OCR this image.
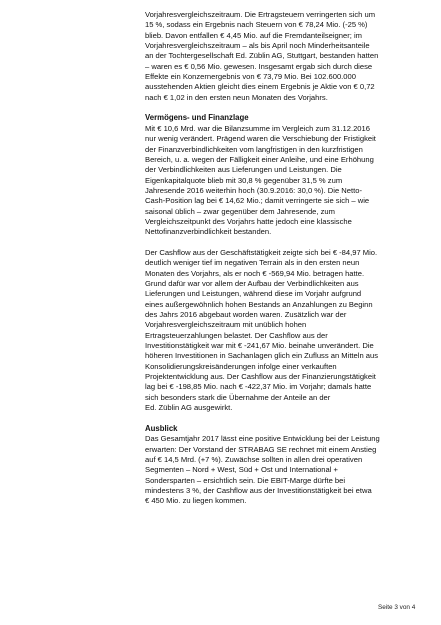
Vorjahresvergleichszeitraum. Die Ertragsteuern verringerten sich um
15 %, sodass ein Ergebnis nach Steuern von € 78,24 Mio. (-25 %)
blieb. Davon entfallen € 4,45 Mio. auf die Fremdanteilseigner; im
Vorjahresvergleichszeitraum – als bis April noch Minderheitsanteile
an der Tochtergesellschaft Ed. Züblin AG, Stuttgart, bestanden hatten
– waren es € 0,56 Mio. gewesen. Insgesamt ergab sich durch diese
Effekte ein Konzernergebnis von € 73,79 Mio. Bei 102.600.000
ausstehenden Aktien gleicht dies einem Ergebnis je Aktie von € 0,72
nach € 1,02 in den ersten neun Monaten des Vorjahrs.

Vermögens- und Finanzlage

Mit € 10,6 Mrd. war die Bilanzsumme im Vergleich zum 31.12.2016
nur wenig verändert. Prägend waren die Verschiebung der Fristigkeit
der Finanzverbindlichkeiten vom langfristigen in den kurzfristigen
Bereich, u. a. wegen der Fälligkeit einer Anleihe, und eine Erhöhung
der Verbindlichkeiten aus Lieferungen und Leistungen. Die
Eigenkapitalquote blieb mit 30,8 % gegenüber 31,5 % zum
Jahresende 2016 weiterhin hoch (30.9.2016: 30,0 %). Die Netto-
Cash-Position lag bei € 14,62 Mio.; damit verringerte sie sich – wie
saisonal üblich – zwar gegenüber dem Jahresende, zum
Vergleichszeitpunkt des Vorjahrs hatte jedoch eine klassische
Nettofinanzverbindlichkeit bestanden.

Der Cashflow aus der Geschäftstätigkeit zeigte sich bei € -84,97 Mio.
deutlich weniger tief im negativen Terrain als in den ersten neun
Monaten des Vorjahrs, als er noch € -569,94 Mio. betragen hatte.
Grund dafür war vor allem der Aufbau der Verbindlichkeiten aus
Lieferungen und Leistungen, während diese im Vorjahr aufgrund
eines außergewöhnlich hohen Bestands an Anzahlungen zu Beginn
des Jahrs 2016 abgebaut worden waren. Zusätzlich war der
Vorjahresvergleichszeitraum mit unüblich hohen
Ertragsteuerzahlungen belastet. Der Cashflow aus der
Investitionstätigkeit war mit € -241,67 Mio. beinahe unverändert. Die
höheren Investitionen in Sachanlagen glich ein Zufluss an Mitteln aus
Konsolidierungskreisänderungen infolge einer verkauften
Projektentwicklung aus. Der Cashflow aus der Finanzierungstätigkeit
lag bei € -198,85 Mio. nach € -422,37 Mio. im Vorjahr; damals hatte
sich besonders stark die Übernahme der Anteile an der
Ed. Züblin AG ausgewirkt.

Ausblick

Das Gesamtjahr 2017 lässt eine positive Entwicklung bei der Leistung
erwarten: Der Vorstand der STRABAG SE rechnet mit einem Anstieg
auf € 14,5 Mrd. (+7 %). Zuwächse sollten in allen drei operativen
Segmenten – Nord + West, Süd + Ost und International +
Sondersparten – ersichtlich sein. Die EBIT-Marge dürfte bei
mindestens 3 %, der Cashflow aus der Investitionstätigkeit bei etwa
€ 450 Mio. zu liegen kommen.

Seite 3 von 4
